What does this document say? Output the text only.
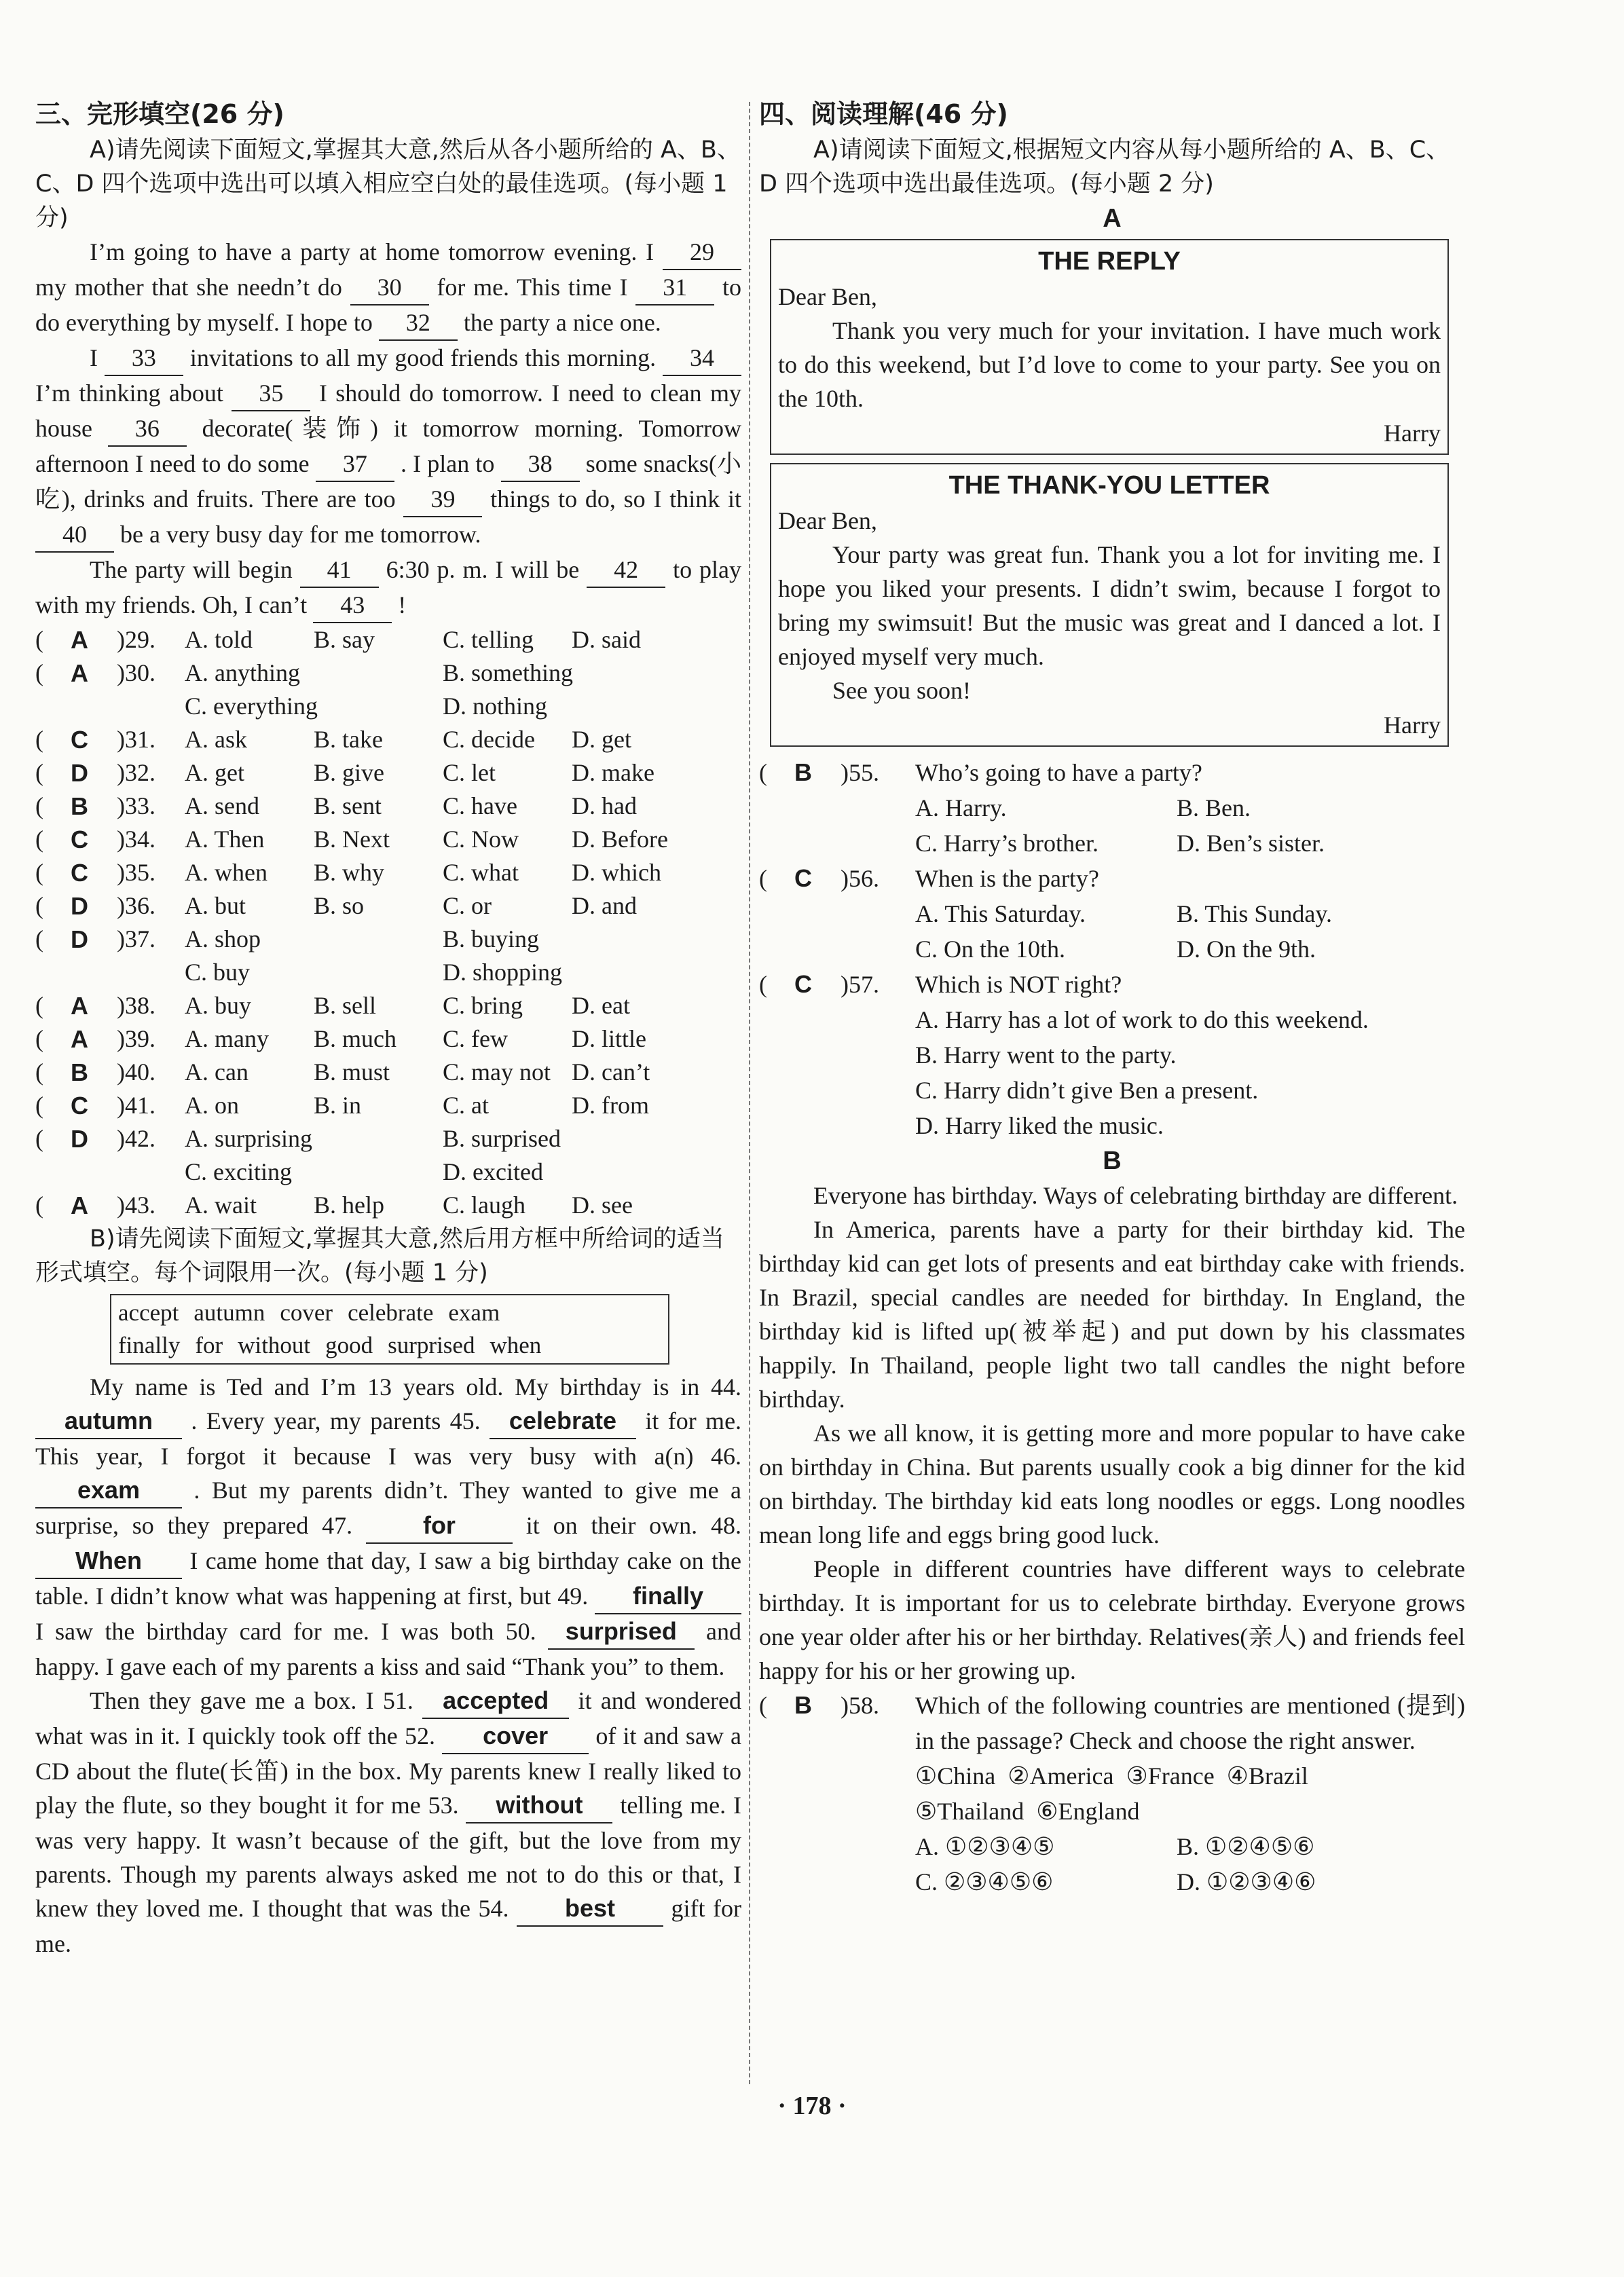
三、完形填空(26 分)
A)请先阅读下面短文,掌握其大意,然后从各小题所给的 A、B、C、D 四个选项中选出可以填入相应空白处的最佳选项。(每小题 1 分)
I’m going to have a party at home tomorrow evening. I 29 my mother that she needn’t do 30 for me. This time I 31 to do everything by myself. I hope to 32 the party a nice one.
I 33 invitations to all my good friends this morning. 34 I’m thinking about 35 I should do tomorrow. I need to clean my house 36 decorate(装饰) it tomorrow morning. Tomorrow afternoon I need to do some 37 . I plan to 38 some snacks(小吃), drinks and fruits. There are too 39 things to do, so I think it 40 be a very busy day for me tomorrow.
The party will begin 41 6:30 p. m. I will be 42 to play with my friends. Oh, I can’t 43 !
( A )29.	A. told	B. say	C. telling	D. said
( A )30.	A. anything	B. something
C. everything	D. nothing
( C )31.	A. ask	B. take	C. decide	D. get
( D )32.	A. get	B. give	C. let	D. make
( B )33.	A. send	B. sent	C. have	D. had
( C )34.	A. Then	B. Next	C. Now	D. Before
( C )35.	A. when	B. why	C. what	D. which
( D )36.	A. but	B. so	C. or	D. and
( D )37.	A. shop	B. buying
C. buy	D. shopping
( A )38.	A. buy	B. sell	C. bring	D. eat
( A )39.	A. many	B. much	C. few	D. little
( B )40.	A. can	B. must	C. may not D. can’t
( C )41.	A. on	B. in	C. at	D. from
( D )42.	A. surprising	B. surprised
C. exciting	D. excited
( A )43.	A. wait	B. help	C. laugh	D. see
B)请先阅读下面短文,掌握其大意,然后用方框中所给词的适当形式填空。每个词限用一次。(每小题 1 分)
accept autumn cover celebrate exam
finally for without good surprised when
My name is Ted and I’m 13 years old. My birthday is in 44. autumn . Every year, my parents 45. celebrate it for me. This year, I forgot it because I was very busy with a(n) 46. exam . But my parents didn’t. They wanted to give me a surprise, so they prepared 47.	for	it on their own. 48. When I came home that day, I saw a big birthday cake on the table. I didn’t know what was happening at first, but 49. finally I saw the birthday card for me. I was both 50. surprised and happy. I gave each of my parents a kiss and said “Thank you” to them.
Then they gave me a box. I 51. accepted it and wondered what was in it. I quickly took off the 52. cover of it and saw a CD about the flute(长笛) in the box. My parents knew I really liked to play the flute, so they bought it for me 53. without telling me. I was very happy. It wasn’t because of the gift, but the love from my parents. Though my parents always asked me not to do this or that, I knew they loved me. I thought that was the 54. best gift for me.
四、阅读理解(46 分)
A)请阅读下面短文,根据短文内容从每小题所给的 A、B、C、D 四个选项中选出最佳选项。(每小题 2 分)
A
THE REPLY
Dear Ben,
Thank you very much for your invitation. I have much work to do this weekend, but I’d love to come to your party. See you on the 10th.
Harry
THE THANK-YOU LETTER
Dear Ben,
Your party was great fun. Thank you a lot for inviting me. I hope you liked your presents. I didn’t swim, because I forgot to bring my swimsuit! But the music was great and I danced a lot. I enjoyed myself very much.
See you soon!
Harry
( B )55.	Who’s going to have a party?
A. Harry.	B. Ben.
C. Harry’s brother.	D. Ben’s sister.
( C )56.	When is the party?
A. This Saturday.	B. This Sunday.
C. On the 10th.	D. On the 9th.
( C )57.	Which is NOT right?
A. Harry has a lot of work to do this weekend.
B. Harry went to the party.
C. Harry didn’t give Ben a present.
D. Harry liked the music.
B
Everyone has birthday. Ways of celebrating birthday are different.
In America, parents have a party for their birthday kid. The birthday kid can get lots of presents and eat birthday cake with friends. In Brazil, special candles are needed for birthday. In England, the birthday kid is lifted up(被举起) and put down by his classmates happily. In Thailand, people light two tall candles the night before birthday.
As we all know, it is getting more and more popular to have cake on birthday in China. But parents usually cook a big dinner for the kid on birthday. The birthday kid eats long noodles or eggs. Long noodles mean long life and eggs bring good luck.
People in different countries have different ways to celebrate birthday. It is important for us to celebrate birthday. Everyone grows one year older after his or her birthday. Relatives(亲人) and friends feel happy for his or her growing up.
( B )58.	Which of the following countries are mentioned (提到) in the passage? Check and choose the right answer.
①China  ②America  ③France  ④Brazil
⑤Thailand  ⑥England
A. ①②③④⑤	B. ①②④⑤⑥
C. ②③④⑤⑥	D. ①②③④⑥
· 178 ·
